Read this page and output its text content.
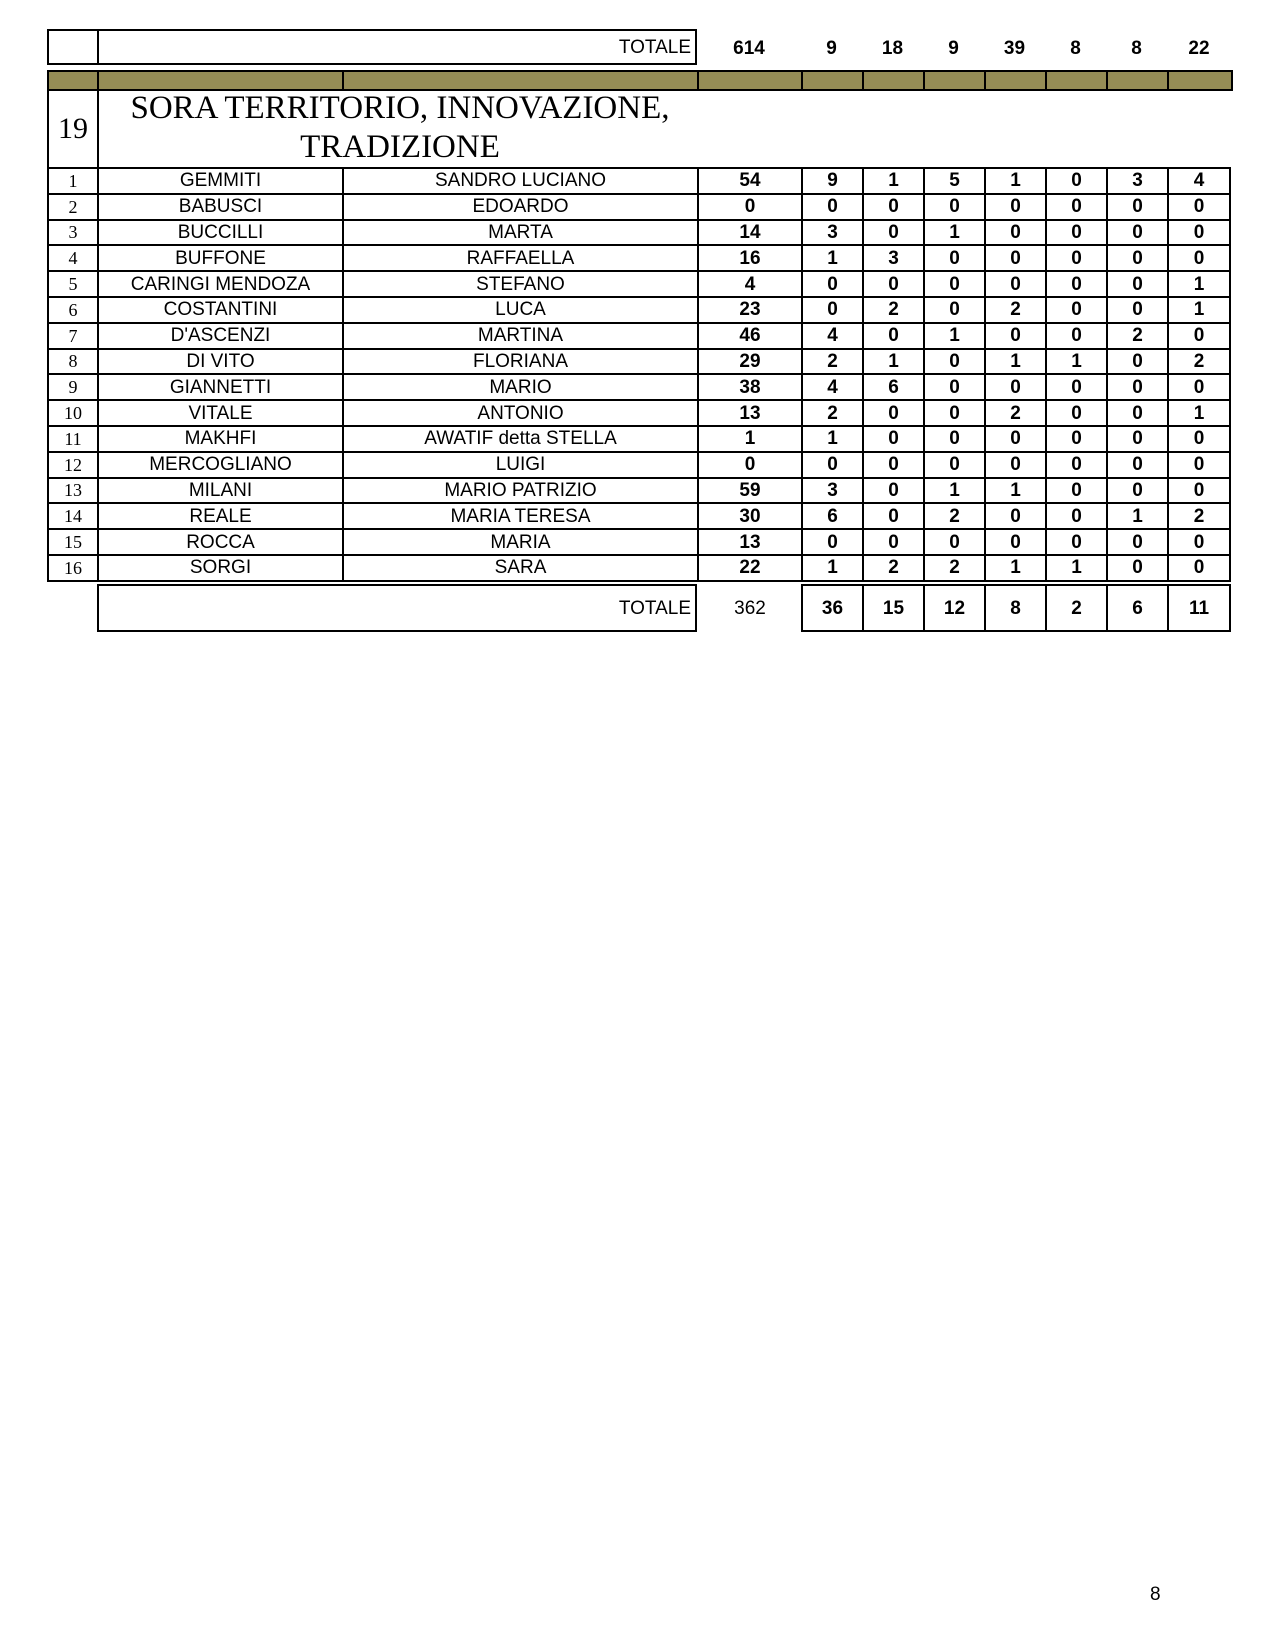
TOTALE	614	9	18	9	39	8	8	22
19
SORA TERRITORIO, INNOVAZIONE,
TRADIZIONE
1	GEMMITI	SANDRO LUCIANO	54	9	1	5	1	0	3	4
2	BABUSCI	EDOARDO	0	0	0	0	0	0	0	0
3	BUCCILLI	MARTA	14	3	0	1	0	0	0	0
4	BUFFONE	RAFFAELLA	16	1	3	0	0	0	0	0
5	CARINGI MENDOZA	STEFANO	4	0	0	0	0	0	0	1
6	COSTANTINI	LUCA	23	0	2	0	2	0	0	1
7	D'ASCENZI	MARTINA	46	4	0	1	0	0	2	0
8	DI VITO	FLORIANA	29	2	1	0	1	1	0	2
9	GIANNETTI	MARIO	38	4	6	0	0	0	0	0
10	VITALE	ANTONIO	13	2	0	0	2	0	0	1
11	MAKHFI	AWATIF detta STELLA	1	1	0	0	0	0	0	0
12	MERCOGLIANO	LUIGI	0	0	0	0	0	0	0	0
13	MILANI	MARIO PATRIZIO	59	3	0	1	1	0	0	0
14	REALE	MARIA TERESA	30	6	0	2	0	0	1	2
15	ROCCA	MARIA	13	0	0	0	0	0	0	0
16	SORGI	SARA	22	1	2	2	1	1	0	0
TOTALE	362	36	15	12	8	2	6	11
8
